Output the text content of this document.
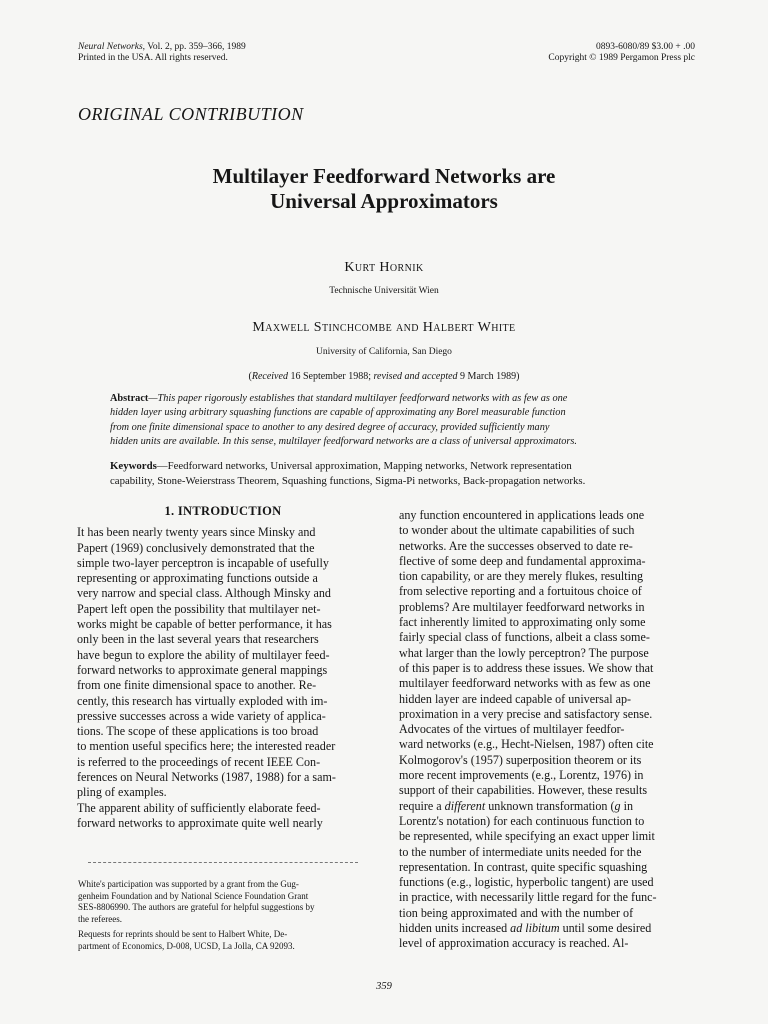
Neural Networks, Vol. 2, pp. 359–366, 1989
Printed in the USA. All rights reserved.
0893-6080/89 $3.00 + .00
Copyright © 1989 Pergamon Press plc
ORIGINAL CONTRIBUTION
Multilayer Feedforward Networks are
Universal Approximators
Kurt Hornik
Technische Universität Wien
Maxwell Stinchcombe and Halbert White
University of California, San Diego
(Received 16 September 1988; revised and accepted 9 March 1989)
Abstract—This paper rigorously establishes that standard multilayer feedforward networks with as few as one
hidden layer using arbitrary squashing functions are capable of approximating any Borel measurable function
from one finite dimensional space to another to any desired degree of accuracy, provided sufficiently many
hidden units are available. In this sense, multilayer feedforward networks are a class of universal approximators.
Keywords—Feedforward networks, Universal approximation, Mapping networks, Network representation
capability, Stone-Weierstrass Theorem, Squashing functions, Sigma-Pi networks, Back-propagation networks.
1. INTRODUCTION
It has been nearly twenty years since Minsky and
Papert (1969) conclusively demonstrated that the
simple two-layer perceptron is incapable of usefully
representing or approximating functions outside a
very narrow and special class. Although Minsky and
Papert left open the possibility that multilayer net-
works might be capable of better performance, it has
only been in the last several years that researchers
have begun to explore the ability of multilayer feed-
forward networks to approximate general mappings
from one finite dimensional space to another. Re-
cently, this research has virtually exploded with im-
pressive successes across a wide variety of applica-
tions. The scope of these applications is too broad
to mention useful specifics here; the interested reader
is referred to the proceedings of recent IEEE Con-
ferences on Neural Networks (1987, 1988) for a sam-
pling of examples.
The apparent ability of sufficiently elaborate feed-
forward networks to approximate quite well nearly
any function encountered in applications leads one
to wonder about the ultimate capabilities of such
networks. Are the successes observed to date re-
flective of some deep and fundamental approxima-
tion capability, or are they merely flukes, resulting
from selective reporting and a fortuitous choice of
problems? Are multilayer feedforward networks in
fact inherently limited to approximating only some
fairly special class of functions, albeit a class some-
what larger than the lowly perceptron? The purpose
of this paper is to address these issues. We show that
multilayer feedforward networks with as few as one
hidden layer are indeed capable of universal ap-
proximation in a very precise and satisfactory sense.
Advocates of the virtues of multilayer feedfor-
ward networks (e.g., Hecht-Nielsen, 1987) often cite
Kolmogorov's (1957) superposition theorem or its
more recent improvements (e.g., Lorentz, 1976) in
support of their capabilities. However, these results
require a different unknown transformation (g in
Lorentz's notation) for each continuous function to
be represented, while specifying an exact upper limit
to the number of intermediate units needed for the
representation. In contrast, quite specific squashing
functions (e.g., logistic, hyperbolic tangent) are used
in practice, with necessarily little regard for the func-
tion being approximated and with the number of
hidden units increased ad libitum until some desired
level of approximation accuracy is reached. Al-
White's participation was supported by a grant from the Gug-
genheim Foundation and by National Science Foundation Grant
SES-8806990. The authors are grateful for helpful suggestions by
the referees.
Requests for reprints should be sent to Halbert White, De-
partment of Economics, D-008, UCSD, La Jolla, CA 92093.
359
